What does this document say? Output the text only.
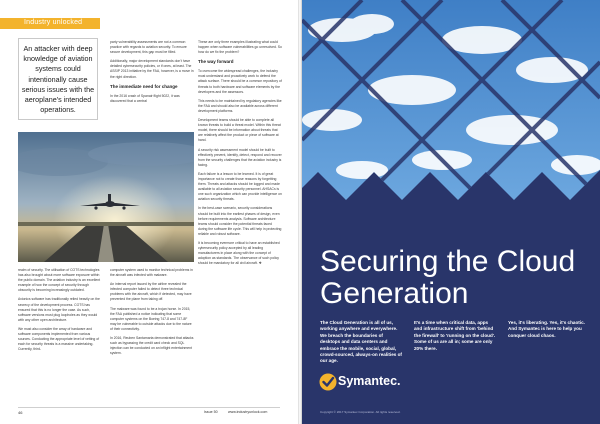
Industry unlocked

An attacker with deep knowledge of aviation systems could intentionally cause serious issues with the aeroplane's intended operations.

party vulnerability assessments are not a common practice with regards to aviation security. To ensure secure development, this gap must be filled.

Additionally, major development standards don't have detailed cybersecurity policies, or if ones, at least. The ASSIP 2013 initiative by the FAA, however, is a move in the right direction.

The immediate need for change

In the 2016 crash of Spanair flight 5022, it was discovered that a central

These are only three examples illustrating what could happen when software vulnerabilities go unresolved. So how do we fix the problem?

The way forward

To overcome the widespread challenges, the industry must understand and proactively work to defend the attack surface. There should be a common repository of threats to both hardware and software elements by the developers and the assessors.

This needs to be maintained by regulatory agencies like the FAA and should also be available across different development platforms.

Development teams should be able to complete all known threats to build a threat model. Within this threat model, there should be information about threats that are relatively affect the product or piece of software at hand.

A security risk assessment model should be built to effectively prevent, identify, detect, respond and recover from the security challenges that the aviation industry is facing.

Each failure is a lesson to be learned. It is of great importance not to create those reasons by forgetting them. Threats and attacks should be logged and made available to all aviation security personnel. AHSACs is one such organization which can provide intelligence on aviation security threats.

In the best-case scenario, security considerations should be built into the earliest phases of design, even before requirements analysis. Software architecture teams should consider the potential threats faced during the software life cycle. This will help in protecting reliable and robust software.

It is becoming evermore critical to have an established cybersecurity policy accepted by all leading manufacturers in place along with the concept of adoption as standards. The observance of such policy should be mandatory for all civil aircraft. ❖

realm of security. The utilisation of COTS technologies has also brought about more software exposure within the public domain. The aviation industry is an excellent example of how the concept of security through obscurity is becoming increasingly outdated.

Avionics software has traditionally relied heavily on the secrecy of the development process. COTS has ensured that this is no longer the case. As such, software versions must plug loopholes as they would with any other open architecture.

We must also consider the array of hardware and software components implemented from various sources. Conducting the appropriate level of vetting of each for security threats is a massive undertaking. Currently, third-

computer system used to monitor technical problems in the aircraft was infected with malware.

An internal report issued by the airline revealed the infected computer failed to detect three technical problems with the aircraft, which if detected, may have prevented the plane from taking off.

The malware was found to be a trojan horse. In 2015, the FAA published a notice indicating that some computer systems on the Boeing 747-8 and 747-8F may be vulnerable to outside attacks due to the nature of their connectivity.

In 2016, Reuben Santamarta demonstrated that attacks such as bypassing the credit card check and SQL injection can be conducted on an inflight entertainment system.

46	Issue 50	www.industryunlock.com
Securing the Cloud Generation

The Cloud Generation is all of us, working anywhere and everywhere. We breach the boundaries of desktops and data centers and embrace the mobile, social, global, crowd-sourced, always-on realities of our age.

It's a time when critical data, apps and infrastructure shift from 'behind the firewall' to 'running on the cloud'. Some of us are all in; some are only 20% there.

Yes, it's liberating. Yes, it's chaotic. And Symantec is here to help you conquer cloud chaos.

Symantec.
Copyright © 2017 Symantec Corporation. All rights reserved.
